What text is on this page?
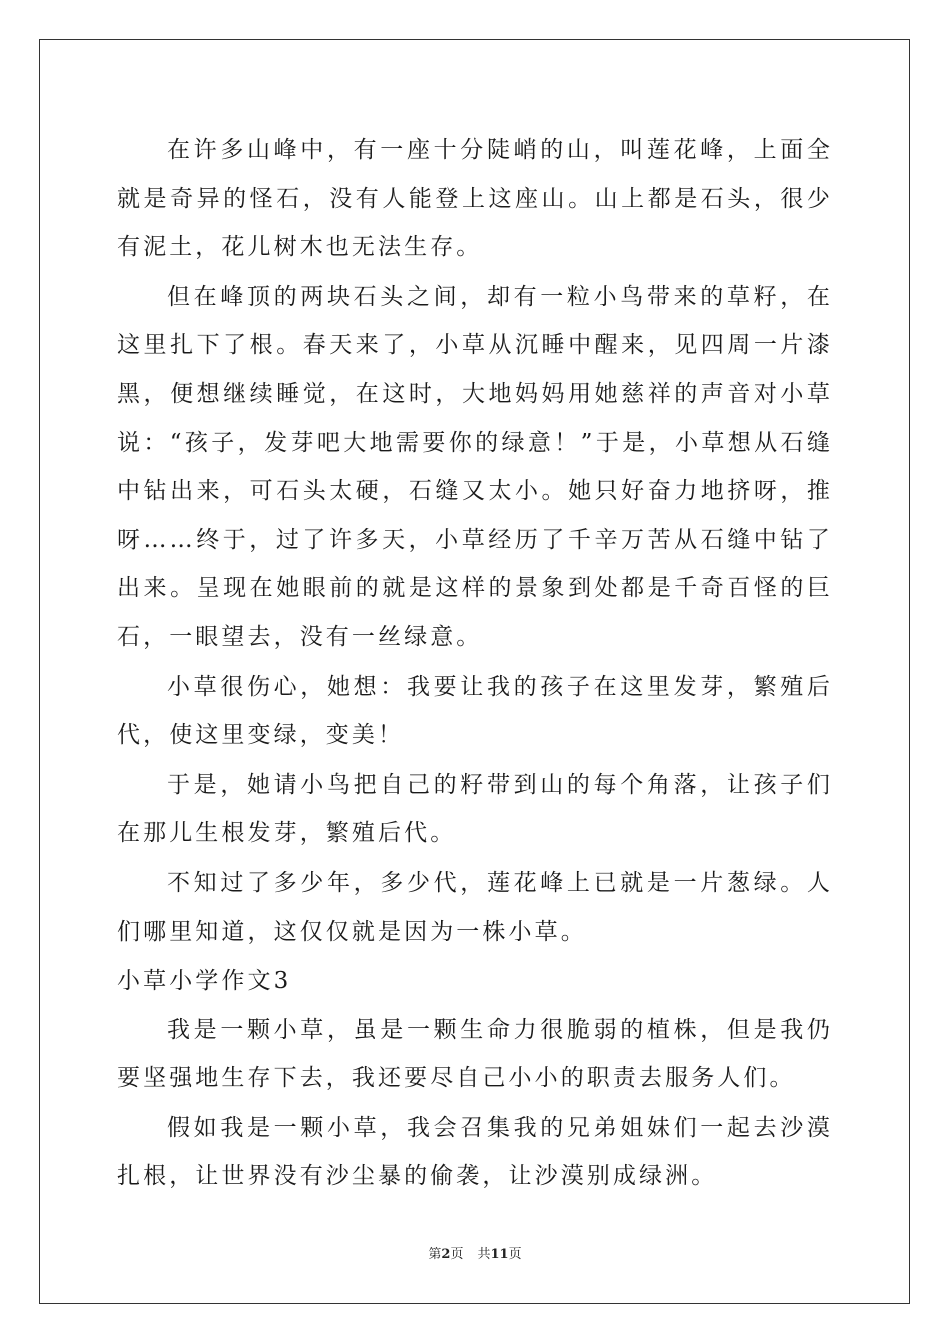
在许多山峰中，有一座十分陡峭的山，叫莲花峰，上面全就是奇异的怪石，没有人能登上这座山。山上都是石头，很少有泥土，花儿树木也无法生存。

但在峰顶的两块石头之间，却有一粒小鸟带来的草籽，在这里扎下了根。春天来了，小草从沉睡中醒来，见四周一片漆黑，便想继续睡觉，在这时，大地妈妈用她慈祥的声音对小草说：“孩子，发芽吧大地需要你的绿意！”于是，小草想从石缝中钻出来，可石头太硬，石缝又太小。她只好奋力地挤呀，推呀……终于，过了许多天，小草经历了千辛万苦从石缝中钻了出来。呈现在她眼前的就是这样的景象到处都是千奇百怪的巨石，一眼望去，没有一丝绿意。

小草很伤心，她想：我要让我的孩子在这里发芽，繁殖后代，使这里变绿，变美！

于是，她请小鸟把自己的籽带到山的每个角落，让孩子们在那儿生根发芽，繁殖后代。

不知过了多少年，多少代，莲花峰上已就是一片葱绿。人们哪里知道，这仅仅就是因为一株小草。

小草小学作文3

我是一颗小草，虽是一颗生命力很脆弱的植株，但是我仍要坚强地生存下去，我还要尽自己小小的职责去服务人们。

假如我是一颗小草，我会召集我的兄弟姐妹们一起去沙漠扎根，让世界没有沙尘暴的偷袭，让沙漠别成绿洲。

第2页 共11页
